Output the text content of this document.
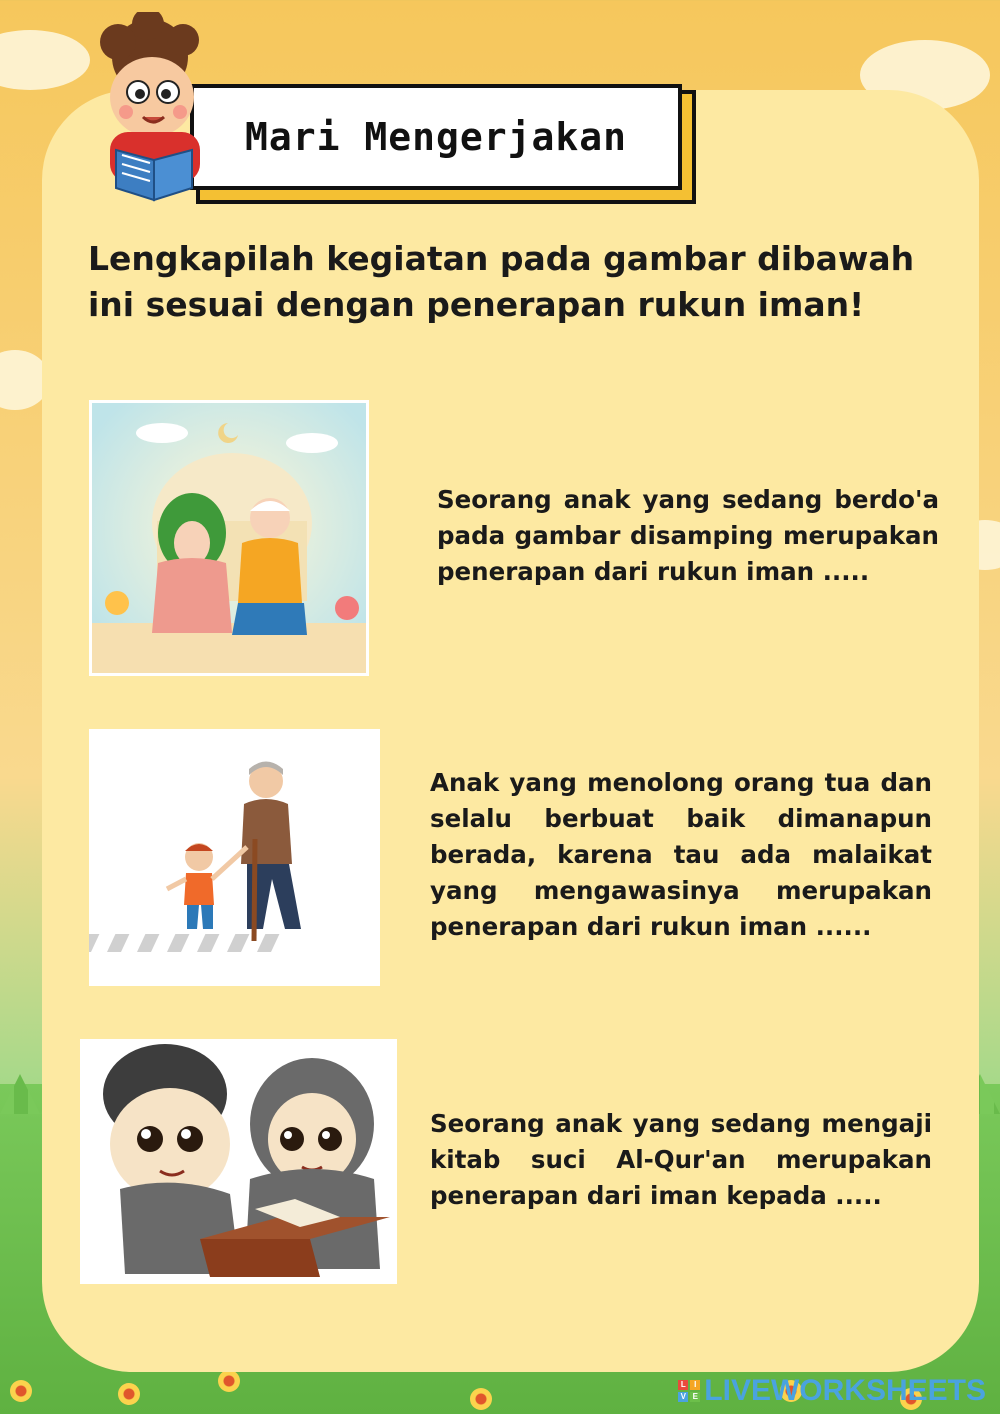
Mari Mengerjakan
Lengkapilah kegiatan pada gambar dibawah ini sesuai dengan penerapan rukun iman!
Seorang anak yang sedang berdo'a pada gambar disamping merupakan penerapan dari rukun iman .....
Anak yang menolong orang tua dan selalu berbuat baik dimanapun berada, karena tau ada malaikat yang mengawasinya merupakan penerapan dari rukun iman ......
Seorang anak yang sedang mengaji kitab suci Al-Qur'an merupakan penerapan dari iman kepada .....
L	I
V E LIVEWORKSHEETS
